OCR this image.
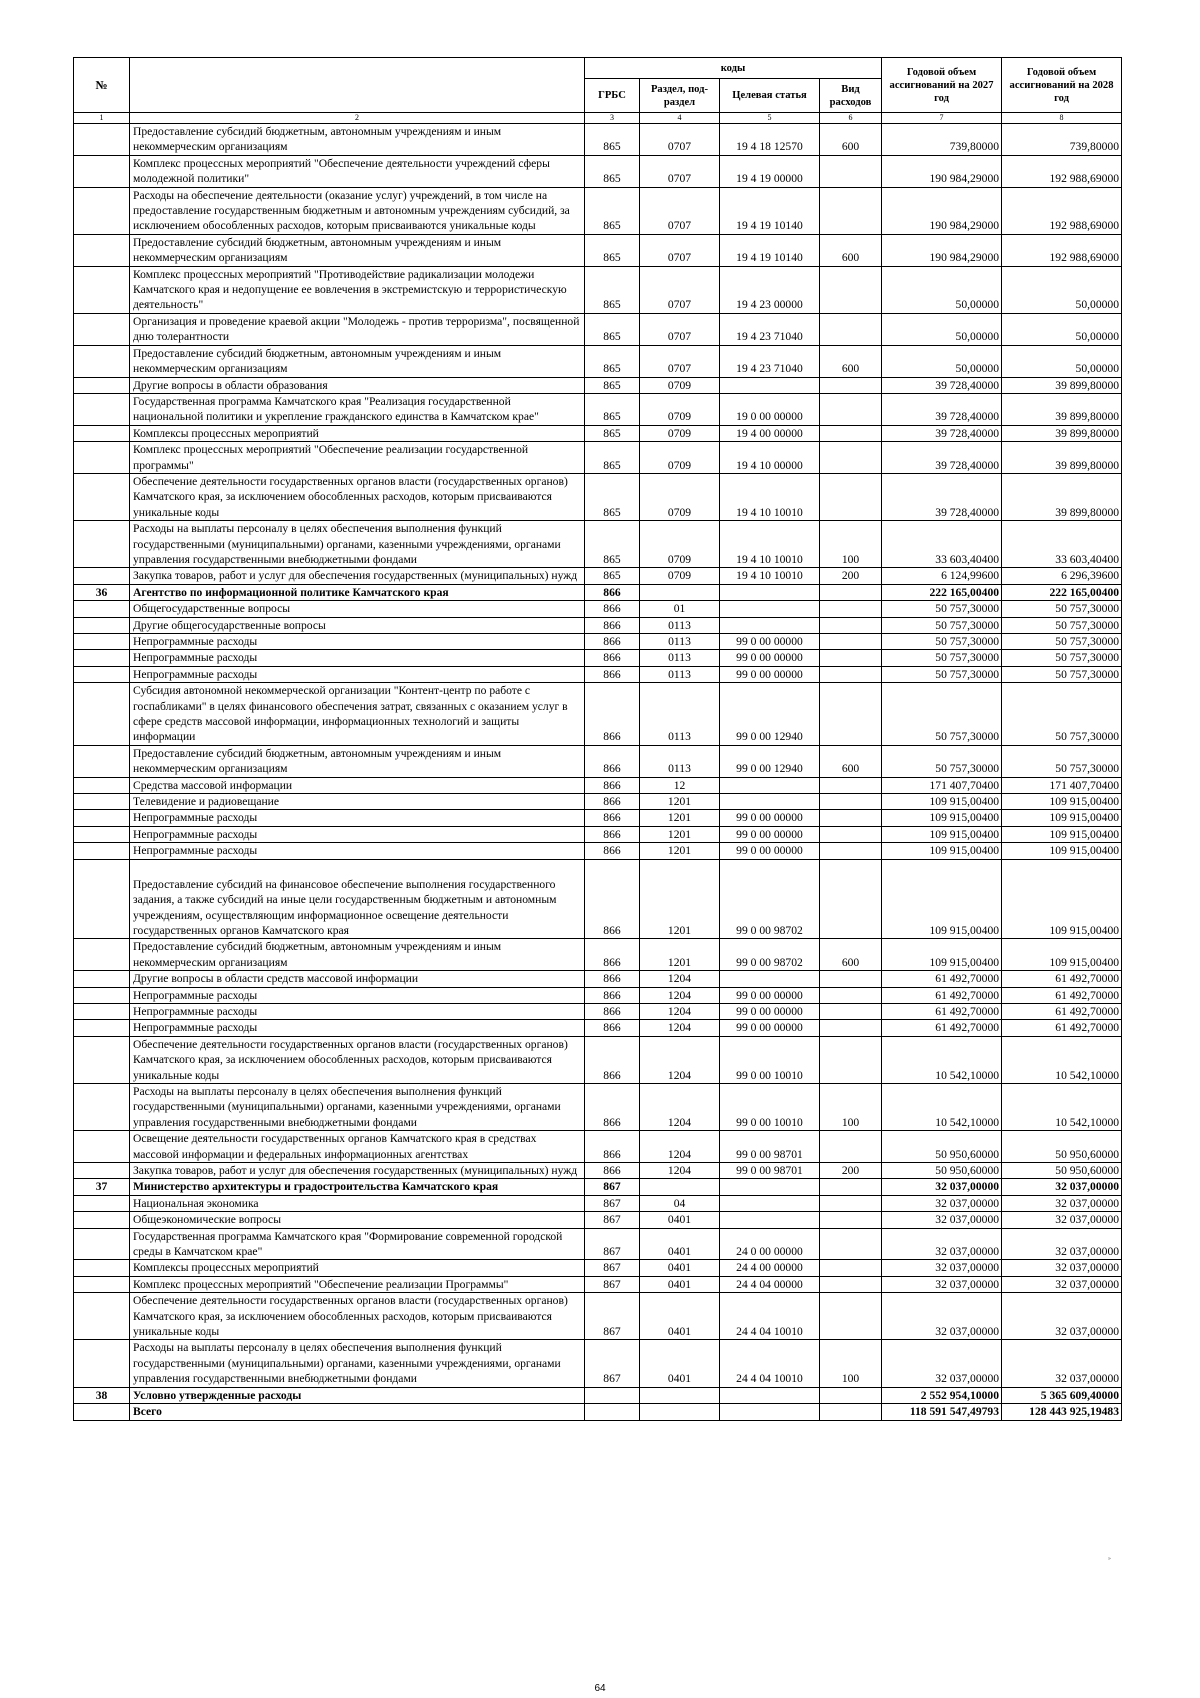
№		коды				Годовой объем ассигнований на 2027 год	Годовой объем ассигнований на 2028 год
		ГРБС	Раздел, под-раздел	Целевая статья	Вид расходов		
1	2	3	4	5	6	7	8
	Предоставление субсидий бюджетным, автономным учреждениям и иным некоммерческим организациям	865	0707	19 4 18 12570	600	739,80000	739,80000
	Комплекс процессных мероприятий "Обеспечение деятельности учреждений сферы молодежной политики"	865	0707	19 4 19 00000		190 984,29000	192 988,69000
	Расходы на обеспечение деятельности (оказание услуг) учреждений, в том числе на предоставление государственным бюджетным и автономным учреждениям субсидий, за исключением обособленных расходов, которым присваиваются уникальные коды	865	0707	19 4 19 10140		190 984,29000	192 988,69000
	Предоставление субсидий бюджетным, автономным учреждениям и иным некоммерческим организациям	865	0707	19 4 19 10140	600	190 984,29000	192 988,69000
	Комплекс процессных мероприятий "Противодействие радикализации молодежи Камчатского края и недопущение ее вовлечения в экстремистскую и террористическую деятельность"	865	0707	19 4 23 00000		50,00000	50,00000
	Организация и проведение краевой акции "Молодежь - против терроризма", посвященной дню толерантности	865	0707	19 4 23 71040		50,00000	50,00000
	Предоставление субсидий бюджетным, автономным учреждениям и иным некоммерческим организациям	865	0707	19 4 23 71040	600	50,00000	50,00000
	Другие вопросы в области образования	865	0709			39 728,40000	39 899,80000
	Государственная программа Камчатского края "Реализация государственной национальной политики и укрепление гражданского единства в Камчатском крае"	865	0709	19 0 00 00000		39 728,40000	39 899,80000
	Комплексы процессных мероприятий	865	0709	19 4 00 00000		39 728,40000	39 899,80000
	Комплекс процессных мероприятий "Обеспечение реализации государственной программы"	865	0709	19 4 10 00000		39 728,40000	39 899,80000
	Обеспечение деятельности государственных органов власти (государственных органов) Камчатского края, за исключением обособленных расходов, которым присваиваются уникальные коды	865	0709	19 4 10 10010		39 728,40000	39 899,80000
	Расходы на выплаты персоналу в целях обеспечения выполнения функций государственными (муниципальными) органами, казенными учреждениями, органами управления государственными внебюджетными фондами	865	0709	19 4 10 10010	100	33 603,40400	33 603,40400
	Закупка товаров, работ и услуг для обеспечения государственных (муниципальных) нужд	865	0709	19 4 10 10010	200	6 124,99600	6 296,39600
36	Агентство по информационной политике Камчатского края	866				222 165,00400	222 165,00400
	Общегосударственные вопросы	866	01			50 757,30000	50 757,30000
	Другие общегосударственные вопросы	866	0113			50 757,30000	50 757,30000
	Непрограммные расходы	866	0113	99 0 00 00000		50 757,30000	50 757,30000
	Непрограммные расходы	866	0113	99 0 00 00000		50 757,30000	50 757,30000
	Непрограммные расходы	866	0113	99 0 00 00000		50 757,30000	50 757,30000
	Субсидия автономной некоммерческой организации "Контент-центр по работе с госпабликами" в целях финансового обеспечения затрат, связанных с оказанием услуг в сфере средств массовой информации, информационных технологий и защиты информации	866	0113	99 0 00 12940		50 757,30000	50 757,30000
	Предоставление субсидий бюджетным, автономным учреждениям и иным некоммерческим организациям	866	0113	99 0 00 12940	600	50 757,30000	50 757,30000
	Средства массовой информации	866	12			171 407,70400	171 407,70400
	Телевидение и радиовещание	866	1201			109 915,00400	109 915,00400
	Непрограммные расходы	866	1201	99 0 00 00000		109 915,00400	109 915,00400
	Непрограммные расходы	866	1201	99 0 00 00000		109 915,00400	109 915,00400
	Непрограммные расходы	866	1201	99 0 00 00000		109 915,00400	109 915,00400
	Предоставление субсидий на финансовое обеспечение выполнения государственного задания, а также субсидий на иные цели государственным бюджетным и автономным учреждениям, осуществляющим информационное освещение деятельности государственных органов Камчатского края	866	1201	99 0 00 98702		109 915,00400	109 915,00400
	Предоставление субсидий бюджетным, автономным учреждениям и иным некоммерческим организациям	866	1201	99 0 00 98702	600	109 915,00400	109 915,00400
	Другие вопросы в области средств массовой информации	866	1204			61 492,70000	61 492,70000
	Непрограммные расходы	866	1204	99 0 00 00000		61 492,70000	61 492,70000
	Непрограммные расходы	866	1204	99 0 00 00000		61 492,70000	61 492,70000
	Непрограммные расходы	866	1204	99 0 00 00000		61 492,70000	61 492,70000
	Обеспечение деятельности государственных органов власти (государственных органов) Камчатского края, за исключением обособленных расходов, которым присваиваются уникальные коды	866	1204	99 0 00 10010		10 542,10000	10 542,10000
	Расходы на выплаты персоналу в целях обеспечения выполнения функций государственными (муниципальными) органами, казенными учреждениями, органами управления государственными внебюджетными фондами	866	1204	99 0 00 10010	100	10 542,10000	10 542,10000
	Освещение деятельности государственных органов Камчатского края в средствах массовой информации и федеральных информационных агентствах	866	1204	99 0 00 98701		50 950,60000	50 950,60000
	Закупка товаров, работ и услуг для обеспечения государственных (муниципальных) нужд	866	1204	99 0 00 98701	200	50 950,60000	50 950,60000
37	Министерство архитектуры и градостроительства Камчатского края	867				32 037,00000	32 037,00000
	Национальная экономика	867	04			32 037,00000	32 037,00000
	Общеэкономические вопросы	867	0401			32 037,00000	32 037,00000
	Государственная программа Камчатского края "Формирование современной городской среды в Камчатском крае"	867	0401	24 0 00 00000		32 037,00000	32 037,00000
	Комплексы процессных мероприятий	867	0401	24 4 00 00000		32 037,00000	32 037,00000
	Комплекс процессных мероприятий "Обеспечение реализации Программы"	867	0401	24 4 04 00000		32 037,00000	32 037,00000
	Обеспечение деятельности государственных органов власти (государственных органов) Камчатского края, за исключением обособленных расходов, которым присваиваются уникальные коды	867	0401	24 4 04 10010		32 037,00000	32 037,00000
	Расходы на выплаты персоналу в целях обеспечения выполнения функций государственными (муниципальными) органами, казенными учреждениями, органами управления государственными внебюджетными фондами	867	0401	24 4 04 10010	100	32 037,00000	32 037,00000
38	Условно утвержденные расходы					2 552 954,10000	5 365 609,40000
	Всего					118 591 547,49793	128 443 925,19483
»
64
